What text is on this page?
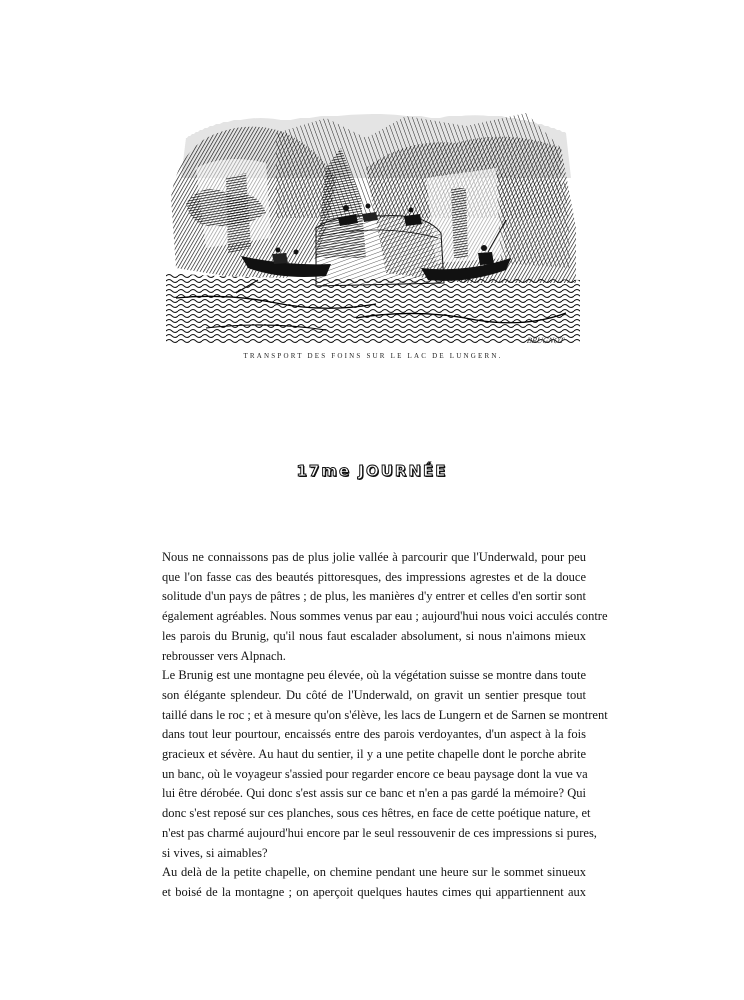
BRUGNOT
TRANSPORT DES FOINS SUR LE LAC DE LUNGERN.
17me JOURNÉE

Nous ne connaissons pas de plus jolie vallée à parcourir que l'Underwald, pour peu
que l'on fasse cas des beautés pittoresques, des impressions agrestes et de la douce
solitude d'un pays de pâtres ; de plus, les manières d'y entrer et celles d'en sortir sont
également agréables. Nous sommes venus par eau ; aujourd'hui nous voici acculés contre
les parois du Brunig, qu'il nous faut escalader absolument, si nous n'aimons mieux
rebrousser vers Alpnach.

Le Brunig est une montagne peu élevée, où la végétation suisse se montre dans toute
son élégante splendeur. Du côté de l'Underwald, on gravit un sentier presque tout
taillé dans le roc ; et à mesure qu'on s'élève, les lacs de Lungern et de Sarnen se montrent
dans tout leur pourtour, encaissés entre des parois verdoyantes, d'un aspect à la fois
gracieux et sévère. Au haut du sentier, il y a une petite chapelle dont le porche abrite
un banc, où le voyageur s'assied pour regarder encore ce beau paysage dont la vue va
lui être dérobée. Qui donc s'est assis sur ce banc et n'en a pas gardé la mémoire? Qui
donc s'est reposé sur ces planches, sous ces hêtres, en face de cette poétique nature, et
n'est pas charmé aujourd'hui encore par le seul ressouvenir de ces impressions si pures,
si vives, si aimables?

Au delà de la petite chapelle, on chemine pendant une heure sur le sommet sinueux
et boisé de la montagne ; on aperçoit quelques hautes cimes qui appartiennent aux
